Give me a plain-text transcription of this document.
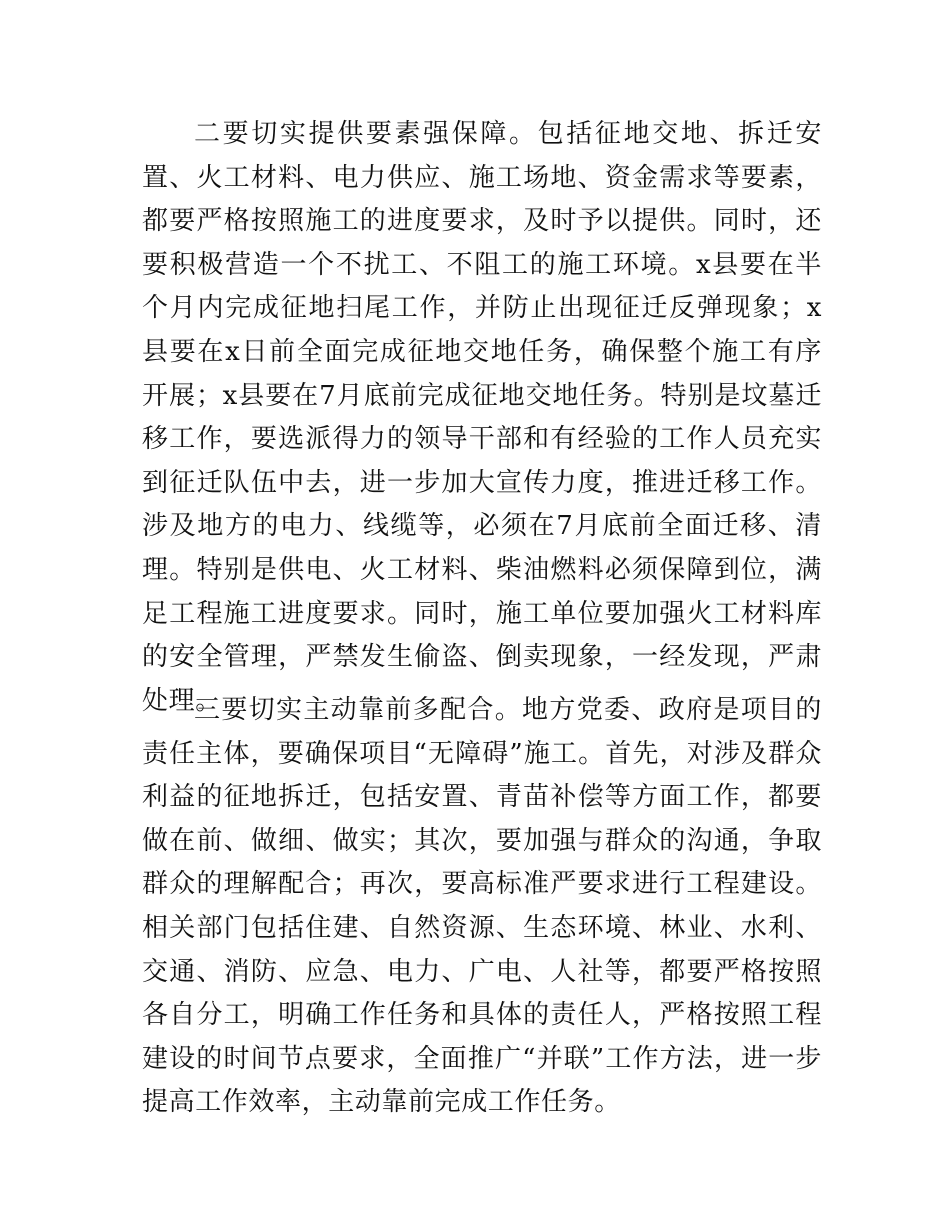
二要切实提供要素强保障。包括征地交地、拆迁安置、火工材料、电力供应、施工场地、资金需求等要素，都要严格按照施工的进度要求，及时予以提供。同时，还要积极营造一个不扰工、不阻工的施工环境。x县要在半个月内完成征地扫尾工作，并防止出现征迁反弹现象；x县要在x日前全面完成征地交地任务，确保整个施工有序开展；x县要在7月底前完成征地交地任务。特别是坟墓迁移工作，要选派得力的领导干部和有经验的工作人员充实到征迁队伍中去，进一步加大宣传力度，推进迁移工作。涉及地方的电力、线缆等，必须在7月底前全面迁移、清理。特别是供电、火工材料、柴油燃料必须保障到位，满足工程施工进度要求。同时，施工单位要加强火工材料库的安全管理，严禁发生偷盗、倒卖现象，一经发现，严肃处理。

三要切实主动靠前多配合。地方党委、政府是项目的责任主体，要确保项目“无障碍”施工。首先，对涉及群众利益的征地拆迁，包括安置、青苗补偿等方面工作，都要做在前、做细、做实；其次，要加强与群众的沟通，争取群众的理解配合；再次，要高标准严要求进行工程建设。相关部门包括住建、自然资源、生态环境、林业、水利、交通、消防、应急、电力、广电、人社等，都要严格按照各自分工，明确工作任务和具体的责任人，严格按照工程建设的时间节点要求，全面推广“并联”工作方法，进一步提高工作效率，主动靠前完成工作任务。
